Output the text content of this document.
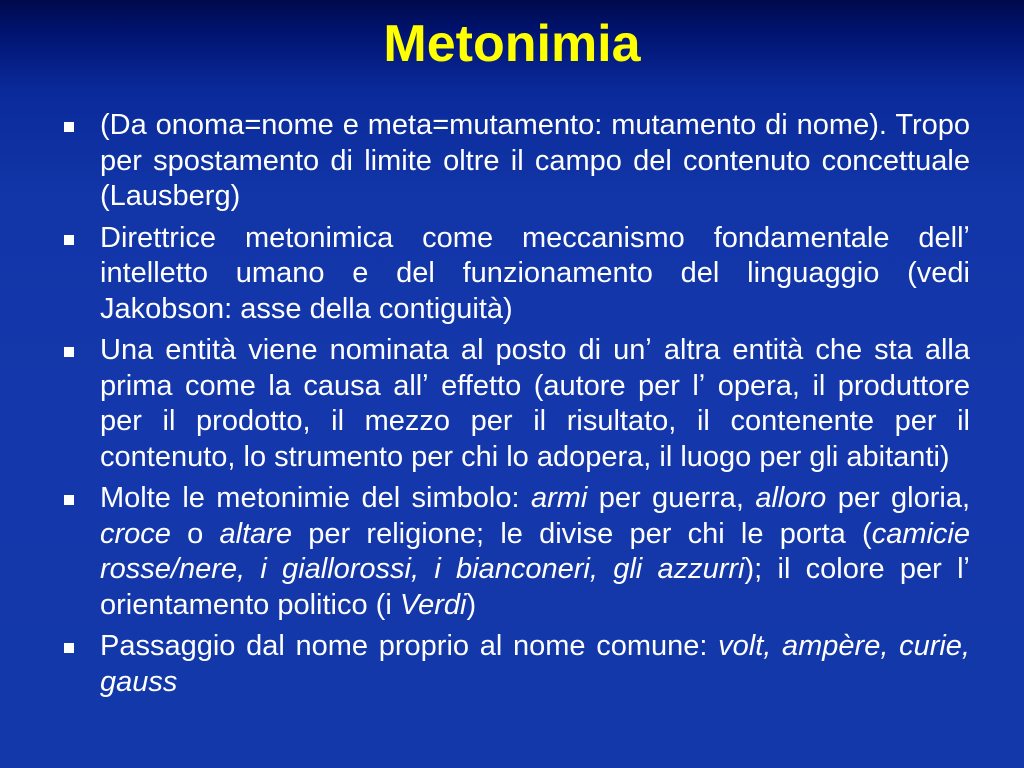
Metonimia
(Da onoma=nome e meta=mutamento: mutamento di nome). Tropo per spostamento di limite oltre il campo del contenuto concettuale (Lausberg)
Direttrice metonimica come meccanismo fondamentale dellʼ intelletto umano e del funzionamento del linguaggio (vedi Jakobson: asse della contiguità)
Una entità viene nominata al posto di unʼ altra entità che sta alla prima come la causa allʼ effetto (autore per lʼ opera, il produttore per il prodotto, il mezzo per il risultato, il contenente per il contenuto, lo strumento per chi lo adopera, il luogo per gli abitanti)
Molte le metonimie del simbolo: armi per guerra, alloro per gloria, croce o altare per religione; le divise per chi le porta (camicie rosse/nere, i giallorossi, i bianconeri, gli azzurri); il colore per lʼ orientamento politico (i Verdi)
Passaggio dal nome proprio al nome comune: volt, ampère, curie, gauss
